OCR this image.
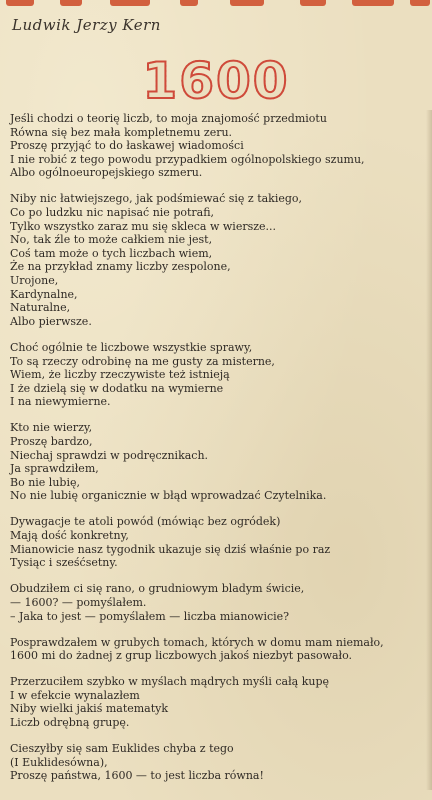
Ludwik Jerzy Kern
1600
Jeśli chodzi o teorię liczb, to moja znajomość przedmiotu
Równa się bez mała kompletnemu zeru.
Proszę przyjąć to do łaskawej wiadomości
I nie robić z tego powodu przypadkiem ogólnopolskiego szumu,
Albo ogólnoeuropejskiego szmeru.
Niby nic łatwiejszego, jak podśmiewać się z takiego,
Co po ludzku nic napisać nie potrafi,
Tylko wszystko zaraz mu się skleca w wiersze...
No, tak źle to może całkiem nie jest,
Coś tam może o tych liczbach wiem,
Że na przykład znamy liczby zespolone,
Urojone,
Kardynalne,
Naturalne,
Albo pierwsze.
Choć ogólnie te liczbowe wszystkie sprawy,
To są rzeczy odrobinę na me gusty za misterne,
Wiem, że liczby rzeczywiste też istnieją
I że dzielą się w dodatku na wymierne
I na niewymierne.
Kto nie wierzy,
Proszę bardzo,
Niechaj sprawdzi w podręcznikach.
Ja sprawdziłem,
Bo nie lubię,
No nie lubię organicznie w błąd wprowadzać Czytelnika.
Dywagacje te atoli powód (mówiąc bez ogródek)
Mają dość konkretny,
Mianowicie nasz tygodnik ukazuje się dziś właśnie po raz
Tysiąc i sześćsetny.
Obudziłem ci się rano, o grudniowym bladym świcie,
— 1600? — pomyślałem.
– Jaka to jest — pomyślałem — liczba mianowicie?
Posprawdzałem w grubych tomach, których w domu mam niemało,
1600 mi do żadnej z grup liczbowych jakoś niezbyt pasowało.
Przerzuciłem szybko w myślach mądrych myśli całą kupę
I w efekcie wynalazłem
Niby wielki jakiś matematyk
Liczb odrębną grupę.
Cieszyłby się sam Euklides chyba z tego
(I Euklidesówna),
Proszę państwa, 1600 — to jest liczba równa!
